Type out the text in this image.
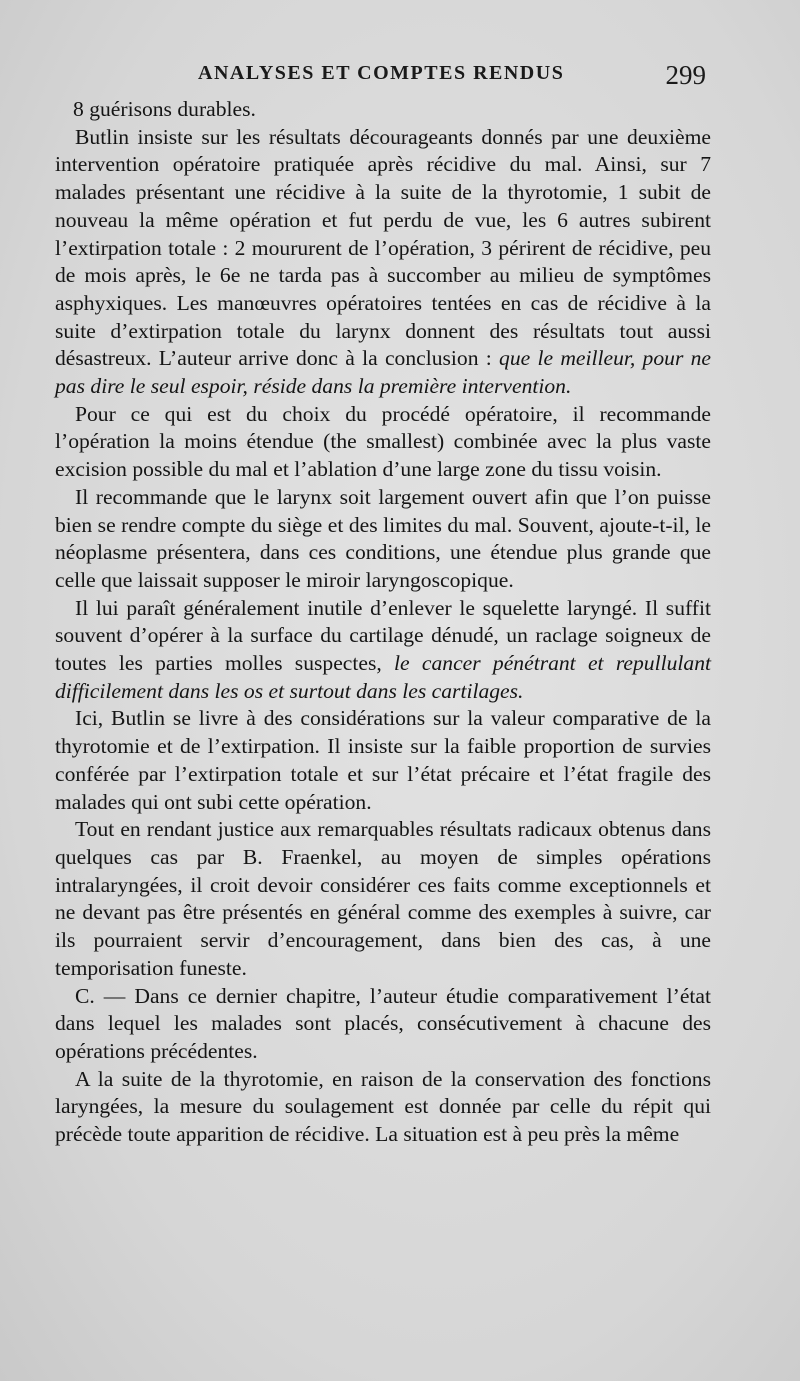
ANALYSES ET COMPTES RENDUS	299

8 guérisons durables.

Butlin insiste sur les résultats décourageants donnés par une deuxième intervention opératoire pratiquée après récidive du mal. Ainsi, sur 7 malades présentant une récidive à la suite de la thyrotomie, 1 subit de nouveau la même opération et fut perdu de vue, les 6 autres subirent l’extirpation totale : 2 moururent de l’opération, 3 périrent de récidive, peu de mois après, le 6e ne tarda pas à succomber au milieu de symptômes asphyxiques. Les manœuvres opératoires tentées en cas de récidive à la suite d’extirpation totale du larynx donnent des résultats tout aussi désastreux. L’auteur arrive donc à la conclusion : que le meilleur, pour ne pas dire le seul espoir, réside dans la première intervention.

Pour ce qui est du choix du procédé opératoire, il recommande l’opération la moins étendue (the smallest) combinée avec la plus vaste excision possible du mal et l’ablation d’une large zone du tissu voisin.

Il recommande que le larynx soit largement ouvert afin que l’on puisse bien se rendre compte du siège et des limites du mal. Souvent, ajoute-t-il, le néoplasme présentera, dans ces conditions, une étendue plus grande que celle que laissait supposer le miroir laryngoscopique.

Il lui paraît généralement inutile d’enlever le squelette laryngé. Il suffit souvent d’opérer à la surface du cartilage dénudé, un raclage soigneux de toutes les parties molles suspectes, le cancer pénétrant et repullulant difficilement dans les os et surtout dans les cartilages.

Ici, Butlin se livre à des considérations sur la valeur comparative de la thyrotomie et de l’extirpation. Il insiste sur la faible proportion de survies conférée par l’extirpation totale et sur l’état précaire et l’état fragile des malades qui ont subi cette opération.

Tout en rendant justice aux remarquables résultats radicaux obtenus dans quelques cas par B. Fraenkel, au moyen de simples opérations intralaryngées, il croit devoir considérer ces faits comme exceptionnels et ne devant pas être présentés en général comme des exemples à suivre, car ils pourraient servir d’encouragement, dans bien des cas, à une temporisation funeste.

C. — Dans ce dernier chapitre, l’auteur étudie comparativement l’état dans lequel les malades sont placés, consécutivement à chacune des opérations précédentes.

A la suite de la thyrotomie, en raison de la conservation des fonctions laryngées, la mesure du soulagement est donnée par celle du répit qui précède toute apparition de récidive. La situation est à peu près la même
